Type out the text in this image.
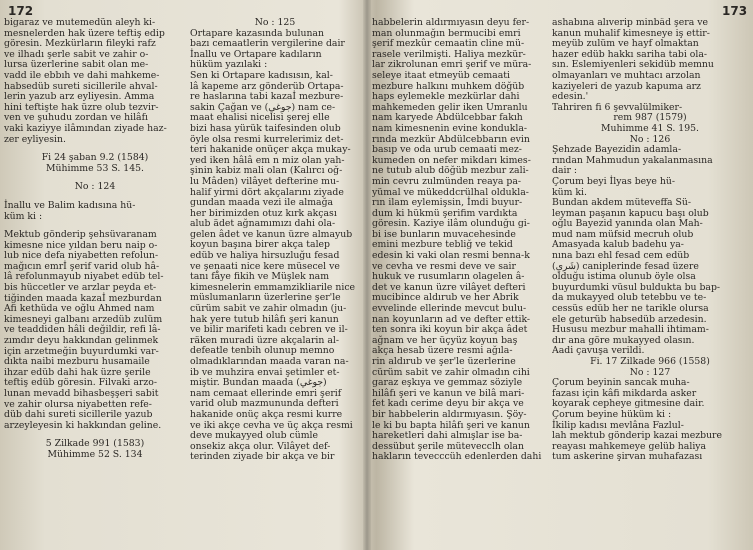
172	173

bigaraz ve mutemedün aleyh ki-

mesnelerden hak üzere teftiş edip

göresin. Mezkürların fileyki rafz

ve ilhadı şerle sabit ve zahir o-

lursa üzerlerine sabit olan me-

vadd ile ebbıh ve dahi mahkeme-

habsedüb sureti sicillerile ahval-

lerin yazub arz eyliyesin. Amma

hini teftişte hak üzre olub tezvir-

ven ve şuhudu zordan ve hilâfı

vaki kaziyye ilâmından ziyade haz-

zer eyliyesin.

Fi 24 şaban 9.2 (1584)

Mühimme 53 S. 145.

No : 124

İnallu ve Balim kadısına hü-

küm ki :

Mektub gönderip şehsüvaranam

kimesne nice yıldan beru naip o-

lub nice defa niyabetten refolun-

mağıcın emrİ şerif varid olub hâ-

lâ refolunmayub niyabet edüb tel-

bis hüccetler ve arzlar peyda et-

tiğinden maada kazaİ mezburdan

Afi kethüda ve oğlu Ahmed nam

kimesneyi galbanı arzedüb zulüm

ve teaddiden hâli değildir, refi lâ-

zımdır deyu hakkından gelinmek

için arzetmeğin buyurdumki var-

dıkta naibi mezburu husamaile

ihzar edüb dahi hak üzre şerile

teftiş edüb göresin. Filvaki arzo-

lunan mevadd bihasbeşşeri sabit

ve zahir olursa niyabetten refe-

düb dahi sureti sicillerile yazub

arzeyleyesin ki hakkından geline.

5 Zilkade 991 (1583)

Mühimme 52 S. 134

No : 125

Ortapare kazasında bulunan

bazı cemaatlerin vergilerine dair

İnallu ve Ortapare kadıların

hüküm yazılaki :

Sen ki Ortapare kadısısın, kal-

lâ kapeme arz gönderüb Ortapa-

re haslarına tabi kazaİ mezbure-

sakin Çağan ve (جوغي) nam ce-

maat ehalisi nicelisi şerej elle

bizi hasa yürük taifesinden olub

öyle olsa resmi kurrelerimiz det-

teri hakanide onüçer akça mukay-

yed iken hâlâ em n miz olan yah-

şinin kabiz mali olan (Kalırcı oğ-

lu Mâden) vilâyet defterine mu-

halif yirmi dört akçalarını ziyade

gundan maada vezi ile almağa

her birimizden otuz kırk akçası

alub ädet ağnamımızı dahi ola-

gelen âdet ve kanun üzre almayub

koyun başına birer akça talep

edüb ve haliya hirsuzluğu fesad

ve şenaati nice kere müsecel ve

tanı fåye fikih ve Müşlek nam

kimesnelerin emmamzikliarile nice

müslumanların üzerlerine şer'le

cürüm sabit ve zahir olmadın (ju-

hak yere tutub hilâfı şeri kanun

ve bilir marifeti kadı cebren ve il-

räken muradi üzre akçalarin al-

defeatle tenbih olunup memno

olmadıklarından maada varan na-

ib ve muhzira envai şetimler et-

miştir. Bundan maada (جوغي)

nam cemaat ellerinde emri şerif

varid olub mazmununda defteri

hakanide onüç akça resmi kurre

ve iki akçe cevha ve üç akça resmi

deve mukayyed olub cümle

onsekiz akça olur. Vilâyet def-

terinden ziyade bir akça ve bir

habbelerin aldırmıyasın deyu fer-

man olunmağın bermucibi emri

şerif mezkûr cemaatin cline mü-

rasele verilmişti. Haliya mezkür-

lar zikrolunan emri şerif ve müra-

seleye itaat etmeyüb cemaati

mezbure halkını muhkem döğüb

haps eylemekle mezkürlar dahi

mahkemeden gelir iken Umranlu

nam karyede Abdülcebbar fakıh

nam kimesnenin evine kondukla-

rında mezkür Abdülcebbarın evin

basıp ve oda urub cemaati mez-

kumeden on nefer mikdarı kimes-

ne tutub alub döğüb mezbur zali-

min cevru zulmünden reaya pa-

yümal ve mükeddcrülhal oldukla-

rın ilam eylemişsin, İmdi buyur-

dum ki hükmü şerifim vardıkta

göresin. Kaziye ilâm olunduğu gi-

bi ise bunların muvacehesinde

emini mezbure tebliğ ve tekid

edesin ki vaki olan resmi benna-k

ve cevha ve resmi deve ve sair

hukuk ve rusumların olagelen â-

det ve kanun üzre vilâyet defteri

mucibince aldırub ve her Abrik

evvelinde ellerinde mevcut bulu-

nan koyunların ad ve defter ettik-

ten sonra iki koyun bir akça âdet

ağnam ve her üçyüz koyun baş

akça hesab üzere resmi ağıla-

rin aldırub ve şer'le üzerlerine

cürüm sabit ve zahir olmadın cihi

garaz eşkıya ve gemmaz söziyle

hilâfı şeri ve kanun ve bilâ mari-

fet kadı cerime deyu bir akça ve

bir habbelerin aldırmıyasın. Şöy-

le ki bu bapta hilâfı şeri ve kanun

hareketleri dahi almışlar ise ba-

dessübut şerile mütevecclh olan

hakların tevecccüh edenlerden dahi

ashabına alıverip minbâd şera ve

kanun muhalif kimesneye iş ettir-

meyüb zulüm ve hayf olmaktan

hazer edüb hakkı sariha tabi ola-

sın. Eslemiyenleri sekidüb memnu

olmayanları ve muhtacı arzolan

kaziyeleri de yazub kapuma arz

edesin.'

Tahriren fi 6 şevvalülmiker-

rem 987 (1579)

Muhimme 41 S. 195.

No : 126

Şehzade Bayezidin adamla-

rından Mahmudun yakalanmasına

dair :

Çorum beyi İlyas beye hü-

küm ki.

Bundan akdem müteveffa Sü-

leyman paşanın kapucu başı olub

oğlu Bayezid yanında olan Mah-

mud nam müfsid mecruh olub

Amasyada kalub badehu ya-

nına bazı ehl fesad cem edüb

(شَرىِ) caniplerinde fesad üzere

olduğu istima olunub öyle olsa

buyurdumki vüsul bulduktа bu bap-

da mukayyed olub tetebbu ve te-

cessüs edüb her ne tarikle olursa

ele geturüb habsedüb arzedesin.

Hususu mezbur mahalli ihtimam-

dır ana göre mukayyed olasın.

Aadi çavuşa verildi.

Fi. 17 Zilkade 966 (1558)

No : 127

Çorum beyinin sancak muha-

fazası için kâfi mikdarda asker

koyarak cepheye gitmesine dair.

Çorum beyine hüküm ki :

İkilip kadısı mevlâna Fazlul-

lah mektub gönderip kazai mezbure

reayası mahkemeye gelüb haliya

tum askerine şirvan muhafazası
